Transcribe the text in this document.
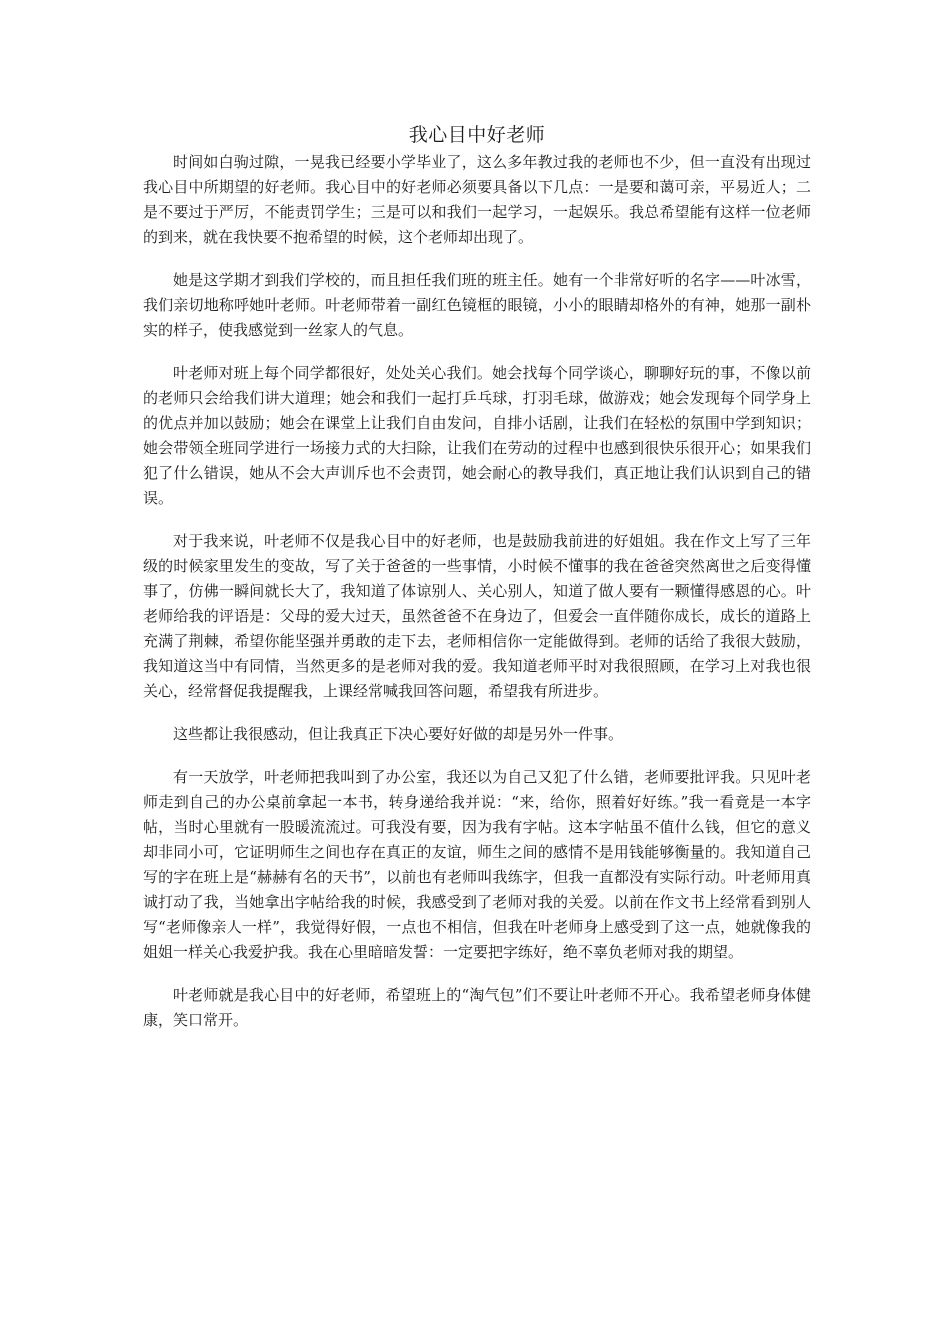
我心目中好老师

时间如白驹过隙，一晃我已经要小学毕业了，这么多年教过我的老师也不少，但一直没有出现过我心目中所期望的好老师。我心目中的好老师必须要具备以下几点：一是要和蔼可亲，平易近人；二是不要过于严厉，不能责罚学生；三是可以和我们一起学习，一起娱乐。我总希望能有这样一位老师的到来，就在我快要不抱希望的时候，这个老师却出现了。

她是这学期才到我们学校的，而且担任我们班的班主任。她有一个非常好听的名字——叶冰雪，我们亲切地称呼她叶老师。叶老师带着一副红色镜框的眼镜，小小的眼睛却格外的有神，她那一副朴实的样子，使我感觉到一丝家人的气息。

叶老师对班上每个同学都很好，处处关心我们。她会找每个同学谈心，聊聊好玩的事，不像以前的老师只会给我们讲大道理；她会和我们一起打乒乓球，打羽毛球，做游戏；她会发现每个同学身上的优点并加以鼓励；她会在课堂上让我们自由发问，自排小话剧，让我们在轻松的氛围中学到知识；她会带领全班同学进行一场接力式的大扫除，让我们在劳动的过程中也感到很快乐很开心；如果我们犯了什么错误，她从不会大声训斥也不会责罚，她会耐心的教导我们，真正地让我们认识到自己的错误。

对于我来说，叶老师不仅是我心目中的好老师，也是鼓励我前进的好姐姐。我在作文上写了三年级的时候家里发生的变故，写了关于爸爸的一些事情，小时候不懂事的我在爸爸突然离世之后变得懂事了，仿佛一瞬间就长大了，我知道了体谅别人、关心别人，知道了做人要有一颗懂得感恩的心。叶老师给我的评语是：父母的爱大过天，虽然爸爸不在身边了，但爱会一直伴随你成长，成长的道路上充满了荆棘，希望你能坚强并勇敢的走下去，老师相信你一定能做得到。老师的话给了我很大鼓励，我知道这当中有同情，当然更多的是老师对我的爱。我知道老师平时对我很照顾，在学习上对我也很关心，经常督促我提醒我，上课经常喊我回答问题，希望我有所进步。

这些都让我很感动，但让我真正下决心要好好做的却是另外一件事。

有一天放学，叶老师把我叫到了办公室，我还以为自己又犯了什么错，老师要批评我。只见叶老师走到自己的办公桌前拿起一本书，转身递给我并说：“来，给你，照着好好练。”我一看竟是一本字帖，当时心里就有一股暖流流过。可我没有要，因为我有字帖。这本字帖虽不值什么钱，但它的意义却非同小可，它证明师生之间也存在真正的友谊，师生之间的感情不是用钱能够衡量的。我知道自己写的字在班上是“赫赫有名的天书”，以前也有老师叫我练字，但我一直都没有实际行动。叶老师用真诚打动了我，当她拿出字帖给我的时候，我感受到了老师对我的关爱。以前在作文书上经常看到别人写“老师像亲人一样”，我觉得好假，一点也不相信，但我在叶老师身上感受到了这一点，她就像我的姐姐一样关心我爱护我。我在心里暗暗发誓：一定要把字练好，绝不辜负老师对我的期望。

叶老师就是我心目中的好老师，希望班上的“淘气包”们不要让叶老师不开心。我希望老师身体健康，笑口常开。
